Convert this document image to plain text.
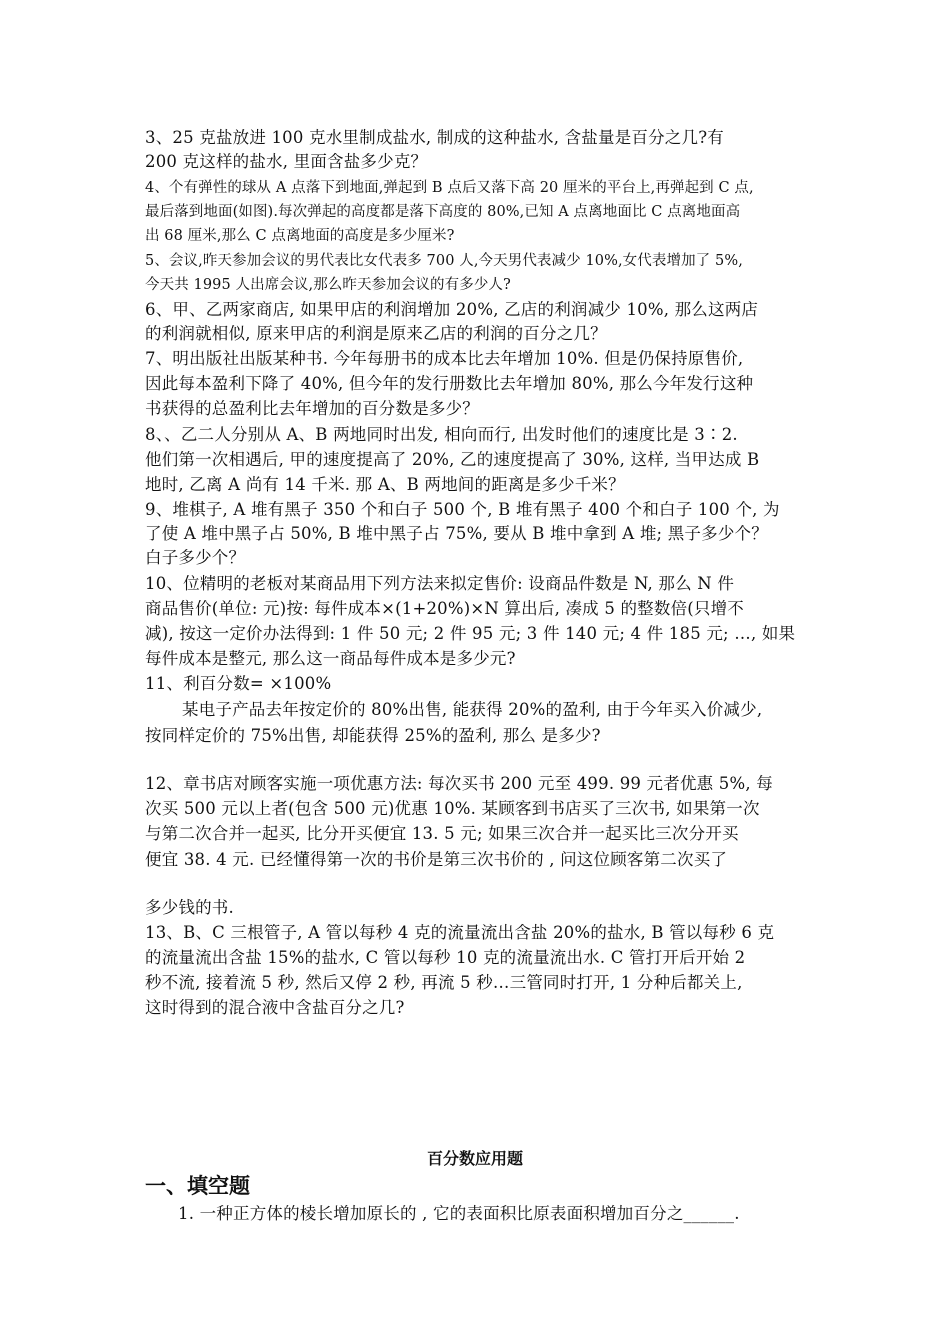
3、25 克盐放进 100 克水里制成盐水, 制成的这种盐水, 含盐量是百分之几?有
200 克这样的盐水, 里面含盐多少克？
4、个有弹性的球从 A 点落下到地面,弹起到 B 点后又落下高 20 厘米的平台上,再弹起到 C 点,
最后落到地面(如图).每次弹起的高度都是落下高度的 80%,已知 A 点离地面比 C 点离地面高
出 68 厘米,那么 C 点离地面的高度是多少厘米?
5、会议,昨天参加会议的男代表比女代表多 700 人,今天男代表减少 10%,女代表增加了 5%,
今天共 1995 人出席会议,那么昨天参加会议的有多少人?
6、甲、乙两家商店, 如果甲店的利润增加 20%, 乙店的利润减少 10%, 那么这两店
的利润就相似, 原来甲店的利润是原来乙店的利润的百分之几？
7、明出版社出版某种书. 今年每册书的成本比去年增加 10%. 但是仍保持原售价,
因此每本盈利下降了 40%, 但今年的发行册数比去年增加 80%, 那么今年发行这种
书获得的总盈利比去年增加的百分数是多少？
8、、乙二人分别从 A、B 两地同时出发, 相向而行, 出发时他们的速度比是 3∶2.
他们第一次相遇后, 甲的速度提高了 20%, 乙的速度提高了 30%, 这样, 当甲达成 B
地时, 乙离 A 尚有 14 千米. 那 A、B 两地间的距离是多少千米？
9、堆棋子, A 堆有黑子 350 个和白子 500 个, B 堆有黑子 400 个和白子 100 个, 为
了使 A 堆中黑子占 50%, B 堆中黑子占 75%, 要从 B 堆中拿到 A 堆; 黑子多少个？
白子多少个？
10、位精明的老板对某商品用下列方法来拟定售价: 设商品件数是 N, 那么 N 件
商品售价(单位: 元)按: 每件成本×(1+20%)×N 算出后, 凑成 5 的整数倍(只增不
减), 按这一定价办法得到: 1 件 50 元; 2 件 95 元; 3 件 140 元; 4 件 185 元; …, 如果
每件成本是整元, 那么这一商品每件成本是多少元?
11、利百分数= ×100%
某电子产品去年按定价的 80%出售, 能获得 20%的盈利, 由于今年买入价减少,
按同样定价的 75%出售, 却能获得 25%的盈利, 那么 是多少?
12、章书店对顾客实施一项优惠方法: 每次买书 200 元至 499. 99 元者优惠 5%, 每
次买 500 元以上者(包含 500 元)优惠 10%. 某顾客到书店买了三次书, 如果第一次
与第二次合并一起买, 比分开买便宜 13. 5 元; 如果三次合并一起买比三次分开买
便宜 38. 4 元. 已经懂得第一次的书价是第三次书价的 , 问这位顾客第二次买了
多少钱的书.
13、B、C 三根管子, A 管以每秒 4 克的流量流出含盐 20%的盐水, B 管以每秒 6 克
的流量流出含盐 15%的盐水, C 管以每秒 10 克的流量流出水. C 管打开后开始 2
秒不流, 接着流 5 秒, 然后又停 2 秒, 再流 5 秒…三管同时打开, 1 分种后都关上,
这时得到的混合液中含盐百分之几?
百分数应用题
一、填空题
1. 一种正方体的棱长增加原长的 , 它的表面积比原表面积增加百分之______.
